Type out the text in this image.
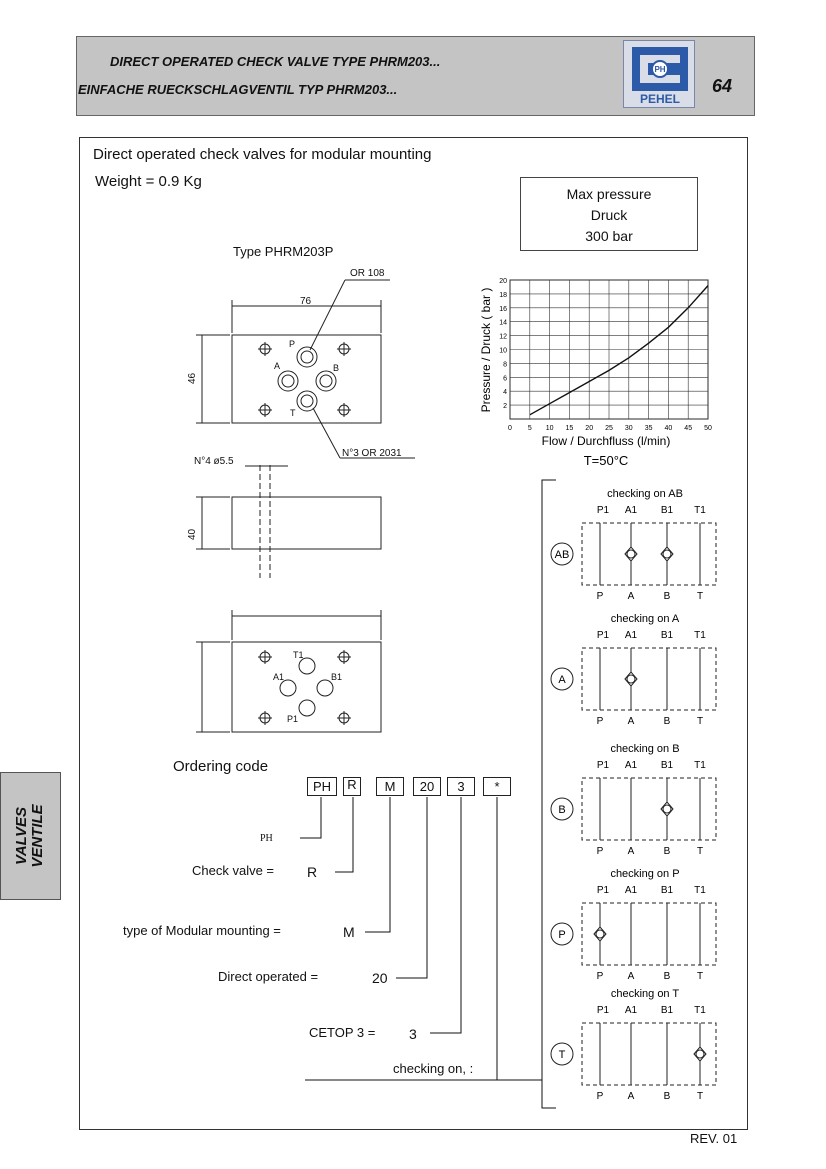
DIRECT OPERATED CHECK VALVE TYPE PHRM203...
EINFACHE RUECKSCHLAGVENTIL TYP PHRM203...
PH
PEHEL
64
VALVES VENTILE
Direct operated check valves for modular mounting
Weight = 0.9 Kg
Max pressure
Druck
300 bar
Type PHRM203P
76
OR 108
N°3 OR 2031
N°4 ø5.5
46
40
P
A	B
T
T1
A1	B1
P1
0 5 10 15 20 25 30 35 40 45 50
2
4
6
8
10
12
14
16
18
20
Flow / Durchfluss (l/min)
Pressure / Druck ( bar )
T=50°C
Ordering code
PH	R	M	20	3	*
PH
Check valve = R
type of Modular mounting =	M
Direct operated =	20
CETOP 3 = 3
checking on, :
checking on AB
P1 A1 B1 T1
P A	B	T
AB
checking on A
P1 A1 B1 T1
P A	B	T
A
checking on B
P1 A1 B1 T1
P A	B	T
B
checking on P
P1 A1 B1 T1
P A	B	T
P
checking on T
P1 A1 B1 T1
P A	B	T
T
REV. 01
